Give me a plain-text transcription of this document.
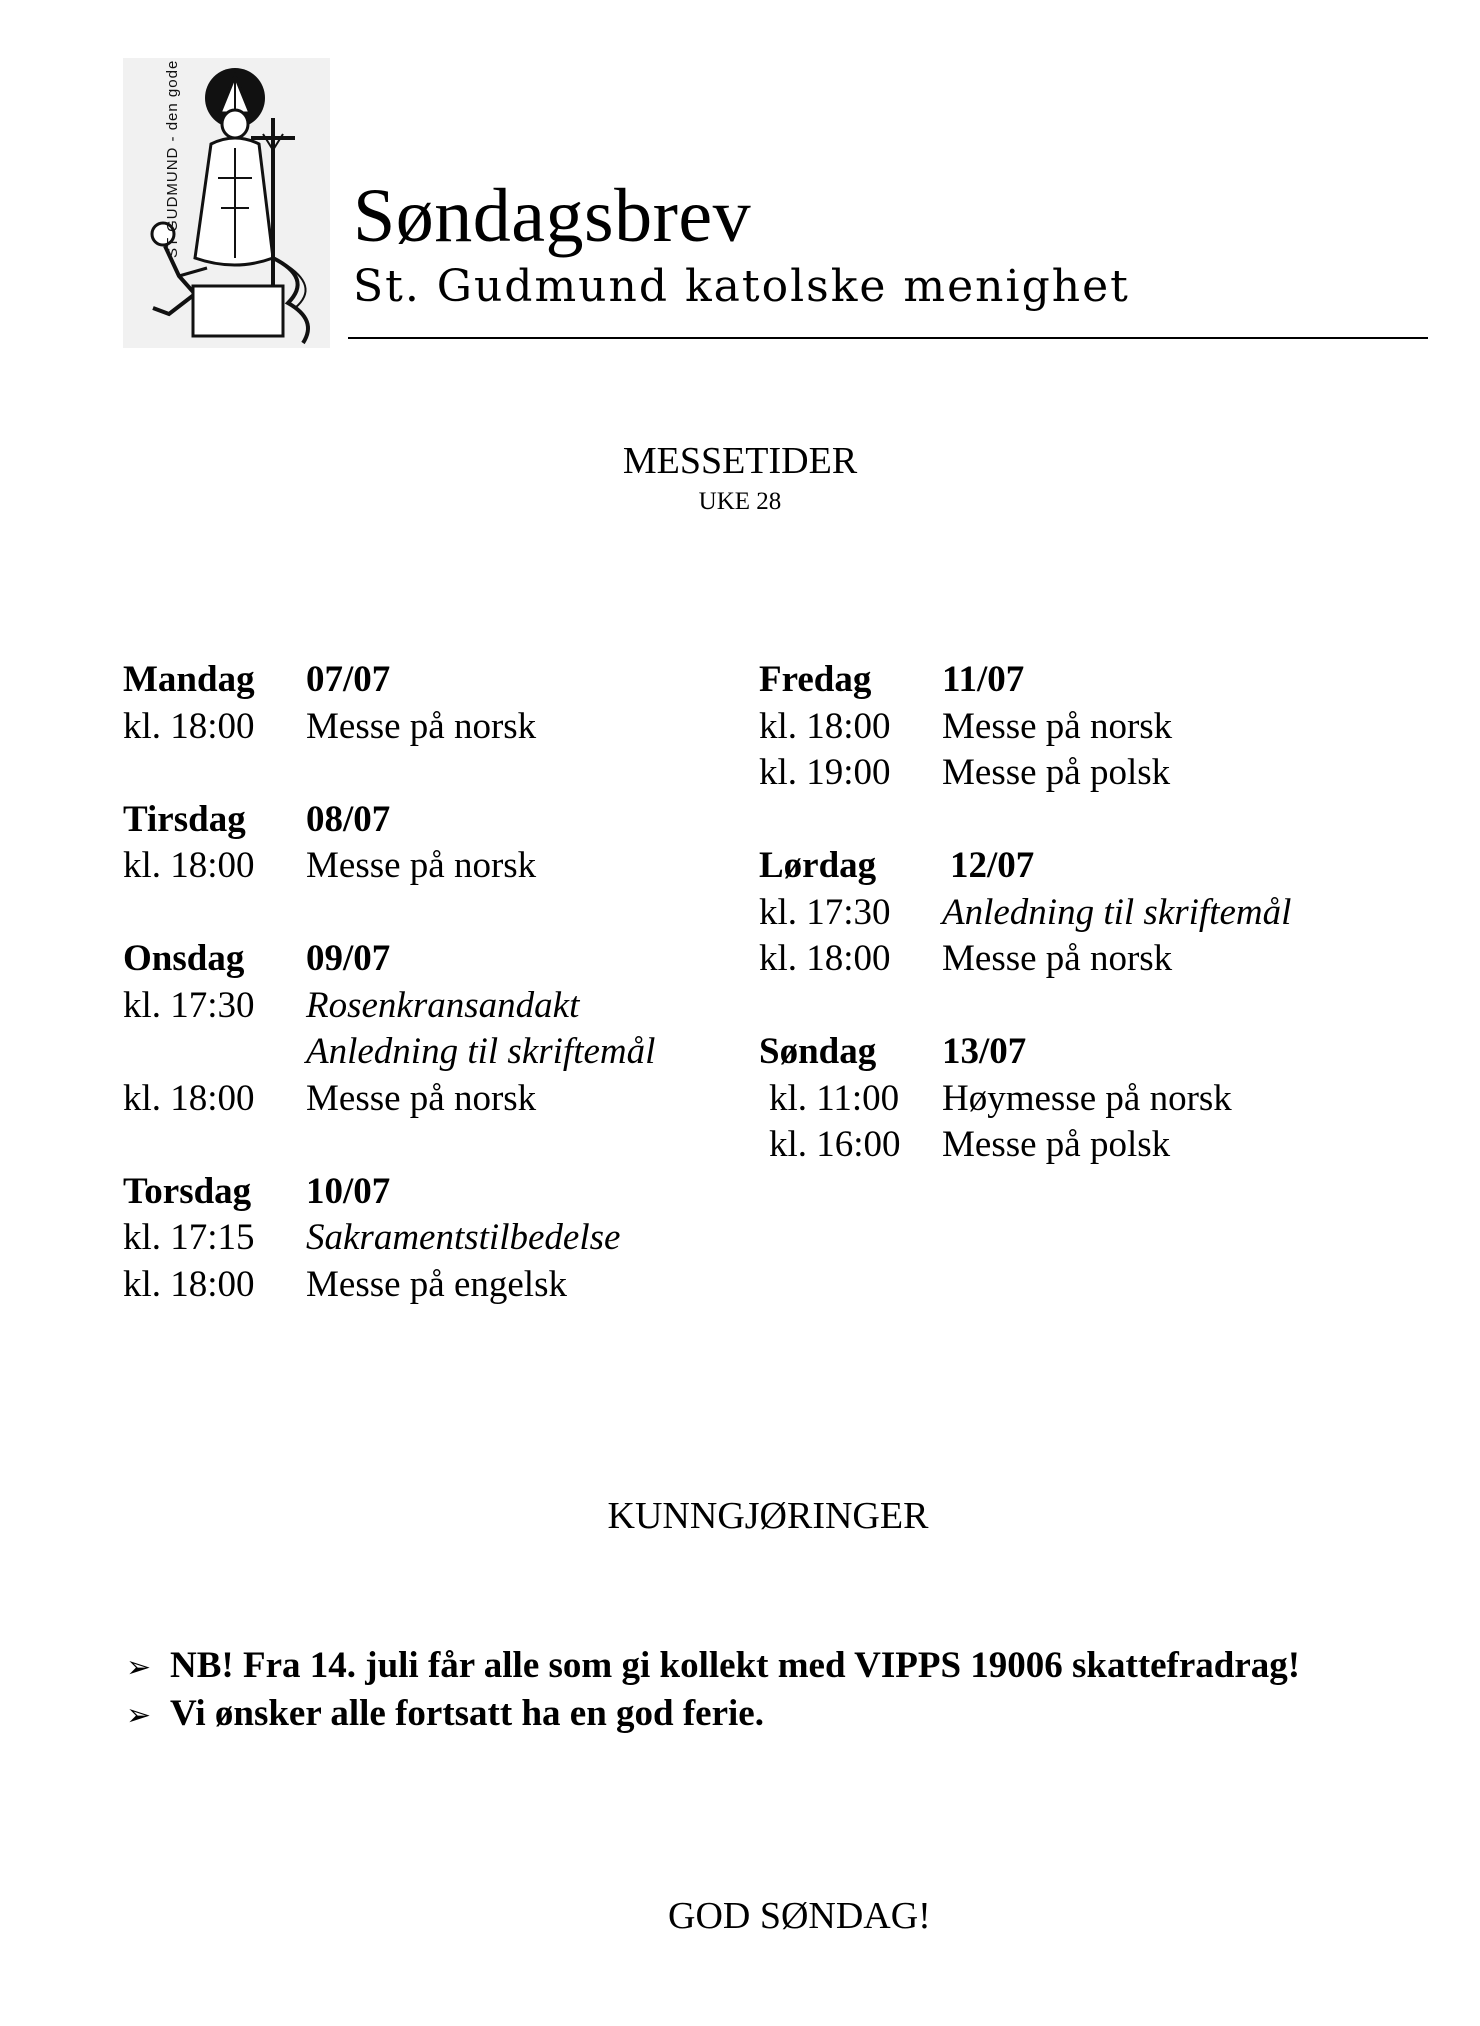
ST GUDMUND - den gode Søndagsbrev
St. Gudmund katolske menighet
MESSETIDER
UKE 28
Mandag	07/07
kl. 18:00	Messe på norsk
Tirsdag	08/07
kl. 18:00	Messe på norsk
Onsdag	09/07
kl. 17:30	Rosenkransandakt
Anledning til skriftemål
kl. 18:00	Messe på norsk
Torsdag	10/07
kl. 17:15	Sakramentstilbedelse
kl. 18:00	Messe på engelsk
Fredag	11/07
kl. 18:00	Messe på norsk
kl. 19:00	Messe på polsk
Lørdag	12/07
kl. 17:30	Anledning til skriftemål
kl. 18:00	Messe på norsk
Søndag	13/07
kl. 11:00	Høymesse på norsk
kl. 16:00	Messe på polsk
KUNNGJØRINGER
➢ NB! Fra 14. juli får alle som gi kollekt med VIPPS 19006 skattefradrag!
➢ Vi ønsker alle fortsatt ha en god ferie.
GOD SØNDAG!
